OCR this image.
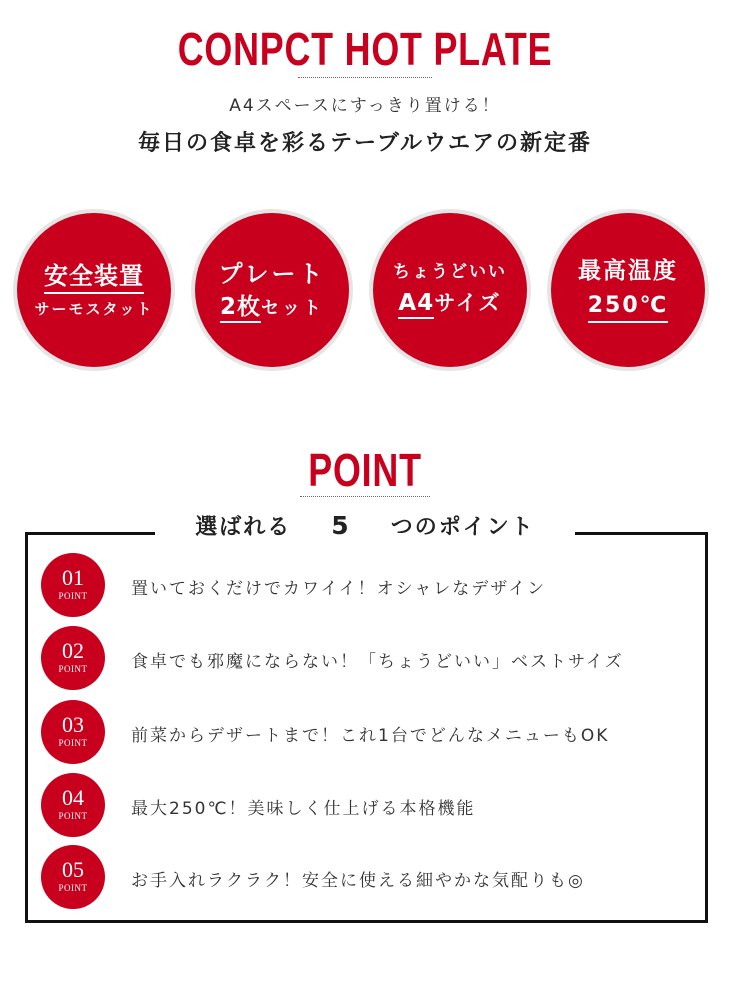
CONPCT HOT PLATE
A4スペースにすっきり置ける！
毎日の食卓を彩るテーブルウエアの新定番
安全装置
サーモスタット
プレート
2枚セット
ちょうどいい
A4サイズ
最高温度
250℃
POINT
選ばれる 5 つのポイント
01
POINT	置いておくだけでカワイイ！オシャレなデザイン
02
POINT	食卓でも邪魔にならない！「ちょうどいい」ベストサイズ
03
POINT	前菜からデザートまで！これ1台でどんなメニューもOK
04
POINT	最大250℃！美味しく仕上げる本格機能
05
POINT	お手入れラクラク！安全に使える細やかな気配りも◎
